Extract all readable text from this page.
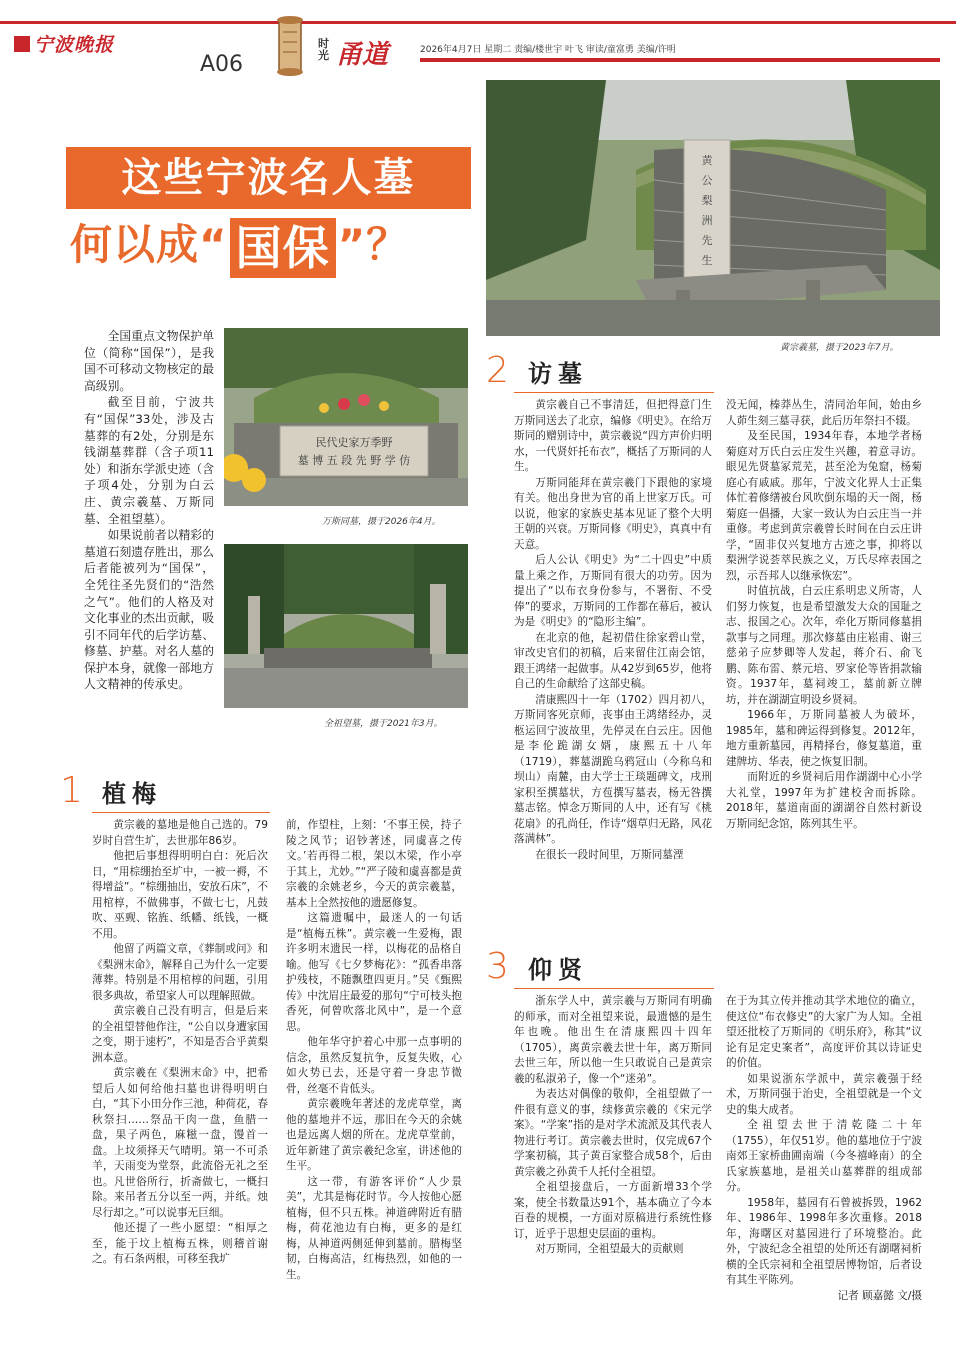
宁波晚报
A06
时光 甬道	2026年4月7日 星期二 责编/楼世宇 叶飞 审读/童富勇 美编/许明
黄
公
梨
洲
先
生
黄宗羲墓，摄于2023年7月。
这些宁波名人墓
何以成“ 国保 ”？

全国重点文物保护单位（简称“国保”），是我国不可移动文物核定的最高级别。

截至目前，宁波共有“国保”33处，涉及古墓葬的有2处，分别是东钱湖墓葬群（含子项11处）和浙东学派史迹（含子项4处，分别为白云庄、黄宗羲墓、万斯同墓、全祖望墓）。

如果说前者以精彩的墓道石刻遗存胜出，那么后者能被列为“国保”，全凭往圣先贤们的“浩然之气”。他们的人格及对文化事业的杰出贡献，吸引不同年代的后学访墓、修墓、护墓。对名人墓的保护本身，就像一部地方人文精神的传承史。

民代史家万季野
墓 博 五 段 先 野 学 仿
万斯同墓，摄于2026年4月。
全祖望墓，摄于2021年3月。
1 植梅

黄宗羲的墓地是他自己选的。79岁时自营生圹，去世那年86岁。

他把后事想得明明白白：死后次日，“用棕绷抬至圹中，一被一褥，不得增益”。“棕绷抽出，安放石床”，不用棺椁，不做佛事，不做七七，凡鼓吹、巫觋、铭旌、纸幡、纸钱，一概不用。

他留了两篇文章，《葬制或问》和《梨洲末命》，解释自己为什么一定要薄葬。特别是不用棺椁的问题，引用很多典故，希望家人可以理解照做。

黄宗羲自己没有明言，但是后来的全祖望替他作注，“公自以身遭家国之变，期于速朽”，不知是否合乎黄梨洲本意。

黄宗羲在《梨洲末命》中，把希望后人如何给他扫墓也讲得明明白白，“其下小田分作三池，种荷花，春秋祭扫……祭品干肉一盘，鱼腊一盘，果子两色，麻糍一盘，馒首一盘。上坟须择天气晴明。第一不可杀羊，天雨变为堂祭，此流俗无礼之至也。凡世俗所行，折斋做七，一概扫除。来吊者五分以至一两，并纸。烛尽行却之。”可以说事无巨细。

他还提了一些小愿望：“相厚之至，能于坟上植梅五株，则稽首谢之。有石条两根，可移至我圹

前，作望柱，上刻：‘不事王侯，持子陵之风节；诏钞著述，同虞喜之传文。’若再得二根，架以木梁，作小亭于其上，尤妙。”“严子陵和虞喜都是黄宗羲的余姚老乡，今天的黄宗羲墓，基本上全然按他的遗愿修复。

这篇遗嘱中，最迷人的一句话是“植梅五株”。黄宗羲一生爱梅，跟许多明末遗民一样，以梅花的品格自喻。他写《七夕梦梅花》：“孤香串落护残枝，不随飘堕四更月。”吴《甄熙传》中沈眉庄最爱的那句“宁可枝头抱香死，何曾吹落北风中”，是一个意思。

他年华守护着心中那一点事明的信念，虽然反复抗争，反复失败，心如火势已去，还是守着一身忠节微骨，丝毫不肯低头。

黄宗羲晚年著述的龙虎草堂，离他的墓地并不远，那旧在今天的余姚也是远离人烟的所在。龙虎草堂前，近年新建了黄宗羲纪念室，讲述他的生平。

这一带，有游客评价“人少景美”，尤其是梅花时节。今人按他心愿植梅，但不只五株。神道碑附近有腊梅，荷花池边有白梅，更多的是红梅，从神道两侧延伸到墓前。腊梅坚韧，白梅高洁，红梅热烈，如他的一生。

2 访墓

黄宗羲自己不事清廷，但把得意门生万斯同送去了北京，编修《明史》。在给万斯同的赠别诗中，黄宗羲说“四方声价归明水，一代贤奸托布衣”，概括了万斯同的人生。

万斯同能拜在黄宗羲门下跟他的家境有关。他出身世为官的甬上世家万氏。可以说，他家的家族史基本见证了整个大明王朝的兴衰。万斯同修《明史》，真真中有天意。

后人公认《明史》为“二十四史”中质量上乘之作，万斯同有很大的功劳。因为提出了“以布衣身份参与，不署衔、不受俸”的要求，万斯同的工作都在幕后，被认为是《明史》的“隐形主编”。

在北京的他，起初借住徐家碧山堂，审改史官们的初稿，后来留住江南会馆，跟王鸿绪一起做事。从42岁到65岁，他将自己的生命献给了这部史稿。

清康熙四十一年（1702）四月初八，万斯同客死京师，丧事由王鸿绪经办，灵柩运回宁波故里，先停灵在白云庄。因他是李伦跪湖女婿，康熙五十八年（1719），葬墓湖跪乌鸦冠山（今称乌和坝山）南麓，由大学士王琰题碑文，戌刑家积至撰墓状，方苞撰写墓表，杨无咎撰墓志铭。悼念万斯同的人中，还有写《桃花扇》的孔尚任，作诗“烟草归无路，风花落满林”。

在很长一段时间里，万斯同墓湮

没无闻，榛莽丛生，清同治年间，始由乡人茆生刻三墓寻获，此后历年祭扫不辍。

及至民国，1934年春，本地学者杨菊庭对万氏白云庄发生兴趣，着意寻访。眼见先贤墓冢荒芜，甚至沦为兔窟，杨菊庭心有戚戚。那年，宁波文化界人士正集体忙着修缮被台风吹倒东塌的天一阁，杨菊庭一倡播，大家一致认为白云庄当一并重修。考虑到黄宗羲曾长时间在白云庄讲学，“固非仅兴复地方古迹之事，抑将以梨洲学说荟萃民族之义，万氏尽瘁表国之烈，示吾邦人以继承恢宏”。

时值抗战，白云庄系明忠义所寄，人们努力恢复，也是希望激发大众的国耻之志、报国之心。次年，牵化万斯同修墓捐款事与之同理。那次修墓由庄崧甫、谢三慈弟子应梦卿等人发起，蒋介石、俞飞鹏、陈布雷、蔡元培、罗家伦等皆捐款输资。1937年，墓祠竣工，墓前新立牌坊，并在湖湖宣明设乡贤祠。

1966年，万斯同墓被人为破坏，1985年，墓和碑运得到修复。2012年，地方重新墓园，再精择台，修复墓道，重建牌坊、华表，使之恢复旧制。

而附近的乡贤祠后用作湖湖中心小学大礼堂，1997年为扩建校舍而拆除。2018年，墓道南面的湖湖谷自然村新设万斯同纪念馆，陈列其生平。

3 仰贤

浙东学人中，黄宗羲与万斯同有明确的师承，而对全祖望来说，最遗憾的是生年也晚。他出生在清康熙四十四年（1705），离黄宗羲去世十年，离万斯同去世三年，所以他一生只敢说自己是黄宗羲的私淑弟子，像一个“迷弟”。

为表达对偶像的敬仰，全祖望做了一件很有意义的事，续修黄宗羲的《宋元学案》。“学案”指的是对学术流派及其代表人物进行考订。黄宗羲去世时，仅完成67个学案初稿，其子黄百家整合成58个，后由黄宗羲之孙黄千人托付全祖望。

全祖望接盘后，一方面新增33个学案，使全书数量达91个，基本确立了今本百卷的规模，一方面对原稿进行系统性修订，近乎于思想史层面的重构。

对万斯同，全祖望最大的贡献则

在于为其立传并推动其学术地位的确立，使这位“布衣修史”的大家广为人知。全祖望还批校了万斯同的《明乐府》，称其“议论有足定史案者”，高度评价其以诗证史的价值。

如果说浙东学派中，黄宗羲强于经术，万斯同强于治史，全祖望就是一个文史的集大成者。

全祖望去世于清乾隆二十年（1755），年仅51岁。他的墓地位于宁波南郊王家桥曲圃南端（今冬禧峰南）的全氏家族墓地，是祖关山墓葬群的组成部分。

1958年，墓园有石曾被拆毁，1962年、1986年、1998年多次重修。2018年，海曙区对墓园进行了环境整治。此外，宁波纪念全祖望的处所还有湖曙祠析横的全氏宗祠和全祖望居博物馆，后者设有其生平陈列。

记者 顾嘉懿 文/摄
